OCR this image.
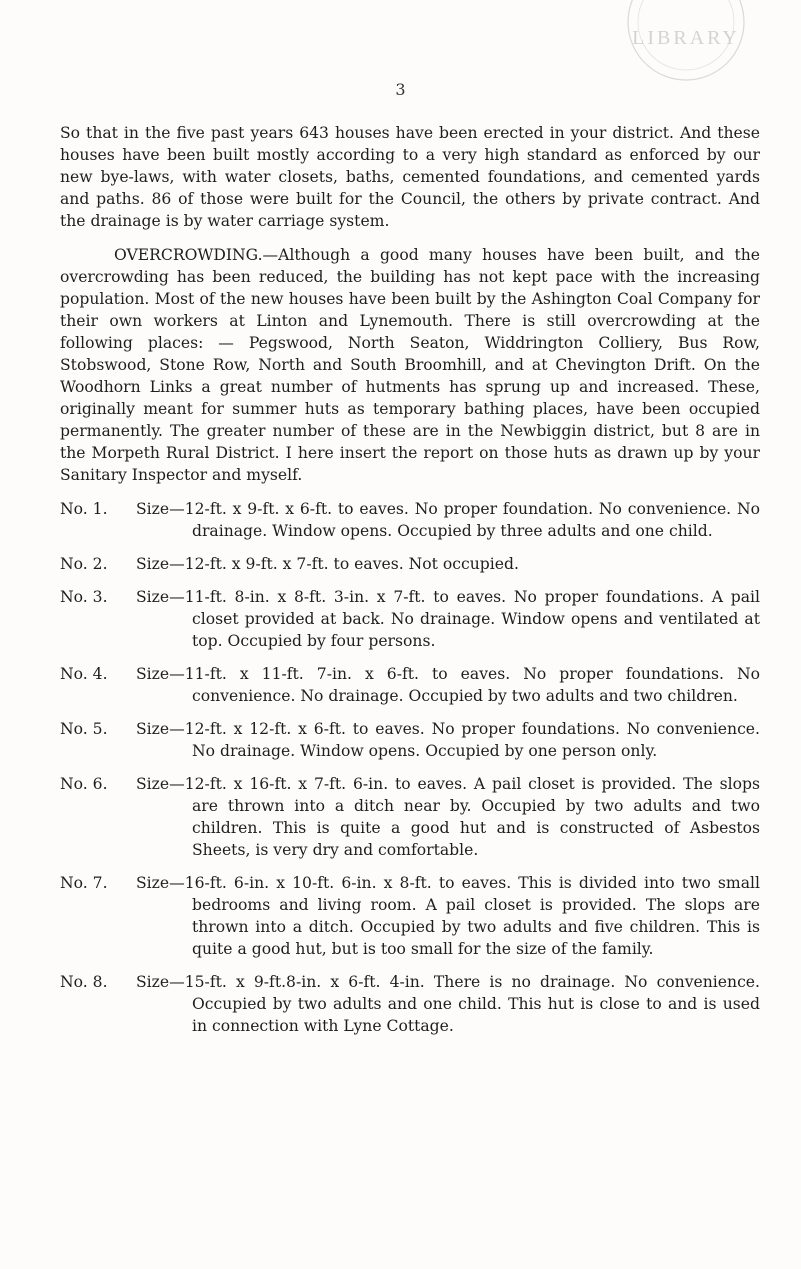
LIBRARY
3

So that in the five past years 643 houses have been erected in your district. And these houses have been built mostly according to a very high standard as enforced by our new bye-laws, with water closets, baths, cemented foundations, and cemented yards and paths. 86 of those were built for the Council, the others by private contract. And the drainage is by water carriage system.

OVERCROWDING.—Although a good many houses have been built, and the overcrowding has been reduced, the building has not kept pace with the increasing population. Most of the new houses have been built by the Ashington Coal Company for their own workers at Linton and Lynemouth. There is still overcrowding at the following places: — Pegswood, North Seaton, Widdrington Colliery, Bus Row, Stobswood, Stone Row, North and South Broomhill, and at Chevington Drift. On the Woodhorn Links a great number of hutments has sprung up and increased. These, originally meant for summer huts as temporary bathing places, have been occupied permanently. The greater number of these are in the Newbiggin district, but 8 are in the Morpeth Rural District. I here insert the report on those huts as drawn up by your Sanitary Inspector and myself.

No. 1.	Size—12-ft. x 9-ft. x 6-ft. to eaves. No proper foundation. No convenience. No drainage. Window opens. Occupied by three adults and one child.
No. 2.	Size—12-ft. x 9-ft. x 7-ft. to eaves. Not occupied.
No. 3.	Size—11-ft. 8-in. x 8-ft. 3-in. x 7-ft. to eaves. No proper foundations. A pail closet provided at back. No drainage. Window opens and ventilated at top. Occupied by four persons.
No. 4.	Size—11-ft. x 11-ft. 7-in. x 6-ft. to eaves. No proper foundations. No convenience. No drainage. Occupied by two adults and two children.
No. 5.	Size—12-ft. x 12-ft. x 6-ft. to eaves. No proper foundations. No convenience. No drainage. Window opens. Occupied by one person only.
No. 6.	Size—12-ft. x 16-ft. x 7-ft. 6-in. to eaves. A pail closet is provided. The slops are thrown into a ditch near by. Occupied by two adults and two children. This is quite a good hut and is constructed of Asbestos Sheets, is very dry and comfortable.
No. 7.	Size—16-ft. 6-in. x 10-ft. 6-in. x 8-ft. to eaves. This is divided into two small bedrooms and living room. A pail closet is provided. The slops are thrown into a ditch. Occupied by two adults and five children. This is quite a good hut, but is too small for the size of the family.
No. 8.	Size—15-ft. x 9-ft.8-in. x 6-ft. 4-in. There is no drainage. No convenience. Occupied by two adults and one child. This hut is close to and is used in connection with Lyne Cottage.
